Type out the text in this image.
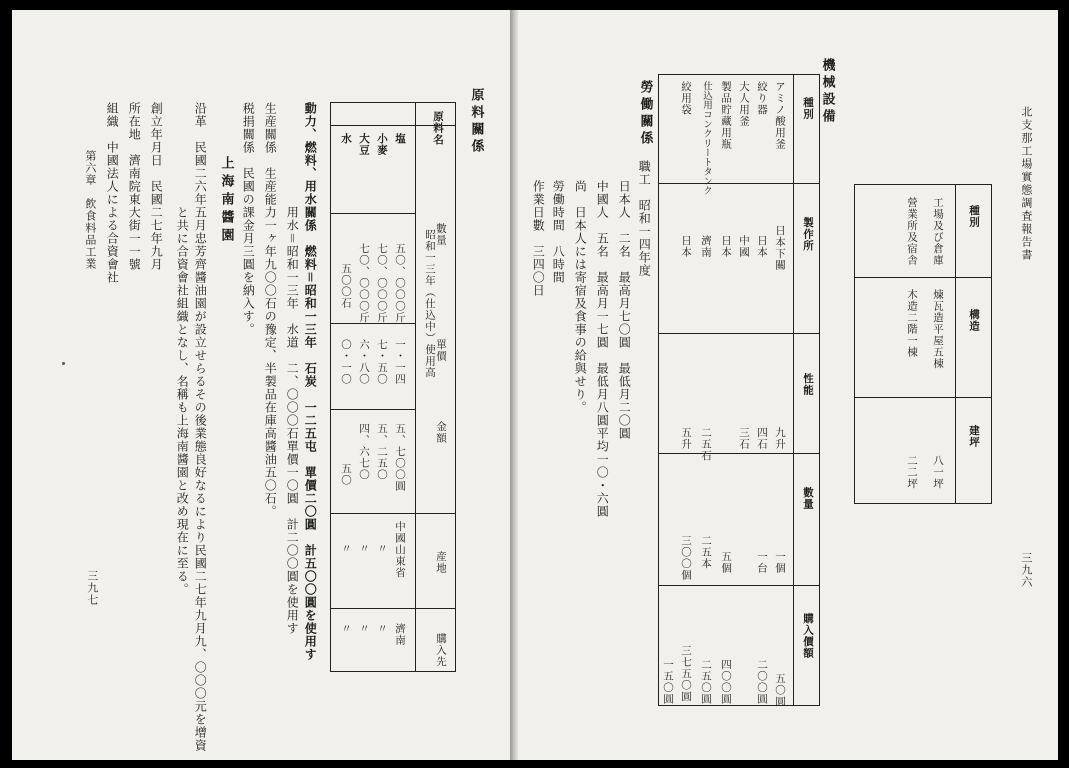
原料關係
原料名
昭和一三年（仕込中）使用高 數量
單價
金額
産地
購入先
塩
五〇、〇〇〇斤
一・一四
五、七〇〇圓
中國山東省
濟南
小麥
七〇、〇〇〇斤
七・五〇
五、二五〇
〃
〃
大豆
七〇、〇〇〇斤
六・八〇
四、六七〇
〃
〃
水
五〇〇石
〇・一〇
五〇
〃
〃
動力、燃料、用水關係　燃料＝昭和一三年　石炭　一二五屯　單價二〇圓　計五〇〇圓を使用す
用水＝昭和一三年　水道　二、〇〇〇石單價一〇圓　計二〇〇圓を使用す
生産關係　生産能力一ヶ年九〇〇石の豫定、半製品在庫高醬油五〇石。
税捐關係　民國の課金月三圓を納入す。
上海南醬園
沿革　民國二六年五月忠芳齊醬油園が設立せらるその後業態良好なるにより民國二七年九月九、〇〇〇元を增資
と共に合資會社組織となし、名稱も上海南醬園と改め現在に至る。
創立年月日　民國二七年九月
所在地　濟南院東大街一一號
組織　中國法人による合資會社
第六章　飲食料品工業
三九七
北支那工場實態調査報告書
三九六
種別
構造
建坪
工場及び倉庫
煉瓦造平屋五棟
八一坪
營業所及宿舎
木造二階一棟
二二坪
機械設備
種別
製作所
性能
數量
購入價額
アミノ酸用釜
日本下關
九升
一個
五〇圓
絞り器
日本
四石
一台
二〇〇圓
大人用釜
中國
三石
製品貯藏用瓶
日本
五個
四〇〇圓
仕込用コンクリートタンク
濟南
二五石
二五本
二五〇圓
絞用袋
日本
五升
三〇〇個
三七五〇圓
一五〇圓
勞働關係
職工　昭和一四年度
日本人　二名　最高月七〇圓　最低月二〇圓
中國人　五名　最高月一七圓　最低月八圓平均一〇・六圓
尚　日本人には寄宿及食事の給與せり。
勞働時間　八時間
作業日數　三四〇日
